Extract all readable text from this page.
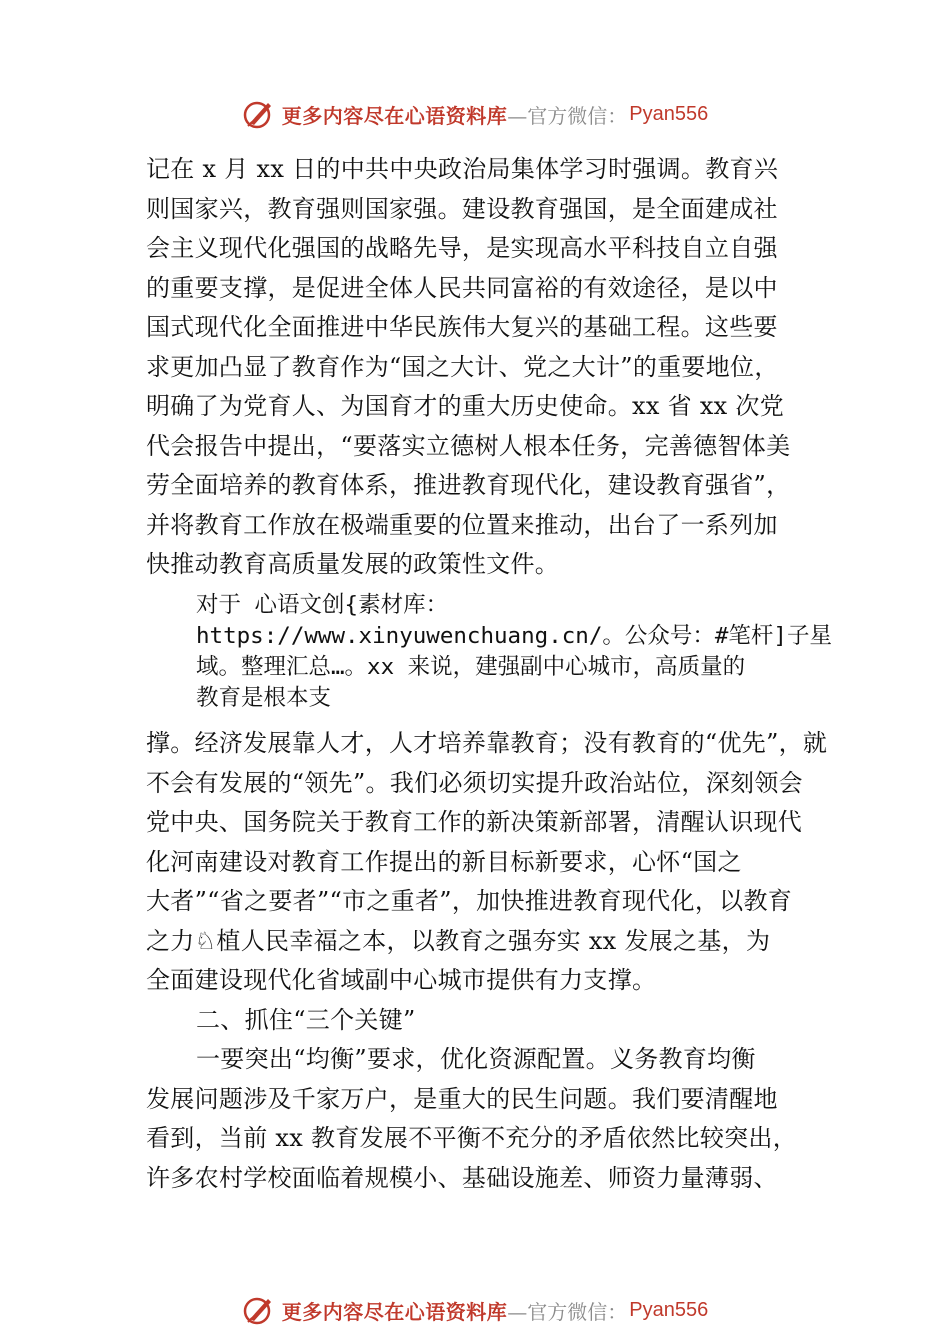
更多内容尽在心语资料库 —官方微信： Pyan556
记在 x 月 xx 日的中共中央政治局集体学习时强调。教育兴
则国家兴，教育强则国家强。建设教育强国，是全面建成社
会主义现代化强国的战略先导，是实现高水平科技自立自强
的重要支撑，是促进全体人民共同富裕的有效途径，是以中
国式现代化全面推进中华民族伟大复兴的基础工程。这些要
求更加凸显了教育作为“国之大计、党之大计”的重要地位，
明确了为党育人、为国育才的重大历史使命。xx 省 xx 次党
代会报告中提出，“要落实立德树人根本任务，完善德智体美
劳全面培养的教育体系，推进教育现代化，建设教育强省”，
并将教育工作放在极端重要的位置来推动，出台了一系列加
快推动教育高质量发展的政策性文件。
对于 心语文创{素材库：
https://www.xinyuwenchuang.cn/。公众号：#笔杆]子星
域。整理汇总…。xx 来说，建强副中心城市，高质量的
教育是根本支
撑。经济发展靠人才，人才培养靠教育；没有教育的“优先”，就
不会有发展的“领先”。我们必须切实提升政治站位，深刻领会
党中央、国务院关于教育工作的新决策新部署，清醒认识现代
化河南建设对教育工作提出的新目标新要求，心怀“国之
大者”“省之要者”“市之重者”，加快推进教育现代化，以教育
之力♘植人民幸福之本，以教育之强夯实 xx 发展之基，为
全面建设现代化省域副中心城市提供有力支撑。
二、抓住“三个关键”
一要突出“均衡”要求，优化资源配置。义务教育均衡
发展问题涉及千家万户，是重大的民生问题。我们要清醒地
看到，当前 xx 教育发展不平衡不充分的矛盾依然比较突出，
许多农村学校面临着规模小、基础设施差、师资力量薄弱、
更多内容尽在心语资料库 —官方微信： Pyan556
